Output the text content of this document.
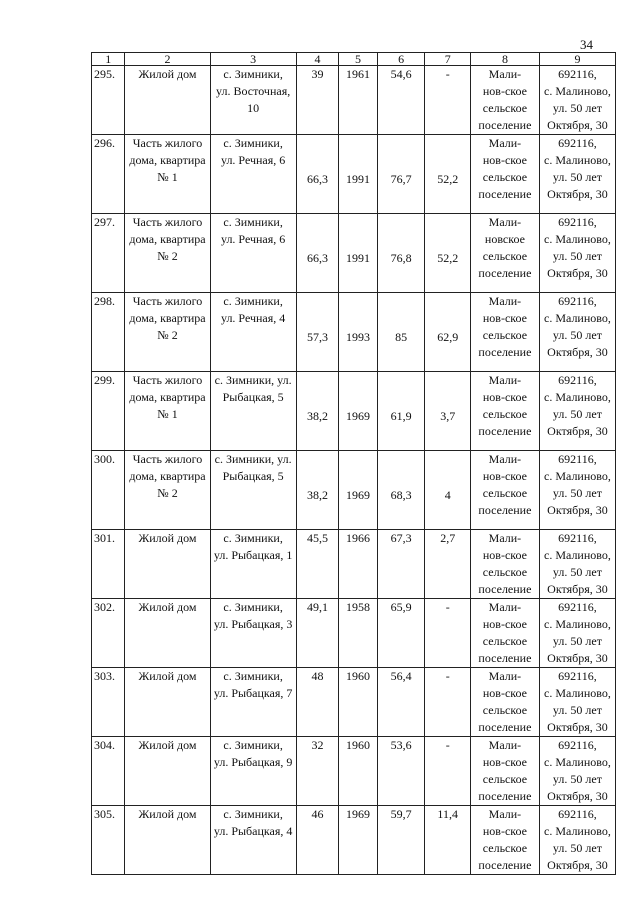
34
1	2	3	4	5	6	7	8	9
295.	Жилой дом	с. Зимники,
ул. Восточная,
10	39	1961	54,6	-	Мали-
нов-ское
сельское
поселение	692116,
с. Малиново,
ул. 50 лет
Октября, 30

296.	Часть жилого
дома, квартира
№ 1	с. Зимники,
ул. Речная, 6	66,3	1991	76,7	52,2	Мали-
нов-ское
сельское
поселение	692116,
с. Малиново,
ул. 50 лет
Октября, 30

297.	Часть жилого
дома, квартира
№ 2	с. Зимники,
ул. Речная, 6	66,3	1991	76,8	52,2	Мали-
новское
сельское
поселение	692116,
с. Малиново,
ул. 50 лет
Октября, 30

298.	Часть жилого
дома, квартира
№ 2	с. Зимники,
ул. Речная, 4	57,3	1993	85	62,9	Мали-
нов-ское
сельское
поселение	692116,
с. Малиново,
ул. 50 лет
Октября, 30

299.	Часть жилого
дома, квартира
№ 1	с. Зимники, ул.
Рыбацкая, 5	38,2	1969	61,9	3,7	Мали-
нов-ское
сельское
поселение	692116,
с. Малиново,
ул. 50 лет
Октября, 30

300.	Часть жилого
дома, квартира
№ 2	с. Зимники, ул.
Рыбацкая, 5	38,2	1969	68,3	4	Мали-
нов-ское
сельское
поселение	692116,
с. Малиново,
ул. 50 лет
Октября, 30

301.	Жилой дом	с. Зимники,
ул. Рыбацкая, 1	45,5	1966	67,3	2,7	Мали-
нов-ское
сельское
поселение	692116,
с. Малиново,
ул. 50 лет
Октября, 30

302.	Жилой дом	с. Зимники,
ул. Рыбацкая, 3	49,1	1958	65,9	-	Мали-
нов-ское
сельское
поселение	692116,
с. Малиново,
ул. 50 лет
Октября, 30

303.	Жилой дом	с. Зимники,
ул. Рыбацкая, 7	48	1960	56,4	-	Мали-
нов-ское
сельское
поселение	692116,
с. Малиново,
ул. 50 лет
Октября, 30

304.	Жилой дом	с. Зимники,
ул. Рыбацкая, 9	32	1960	53,6	-	Мали-
нов-ское
сельское
поселение	692116,
с. Малиново,
ул. 50 лет
Октября, 30

305.	Жилой дом	с. Зимники,
ул. Рыбацкая, 4	46	1969	59,7	11,4	Мали-
нов-ское
сельское
поселение	692116,
с. Малиново,
ул. 50 лет
Октября, 30
